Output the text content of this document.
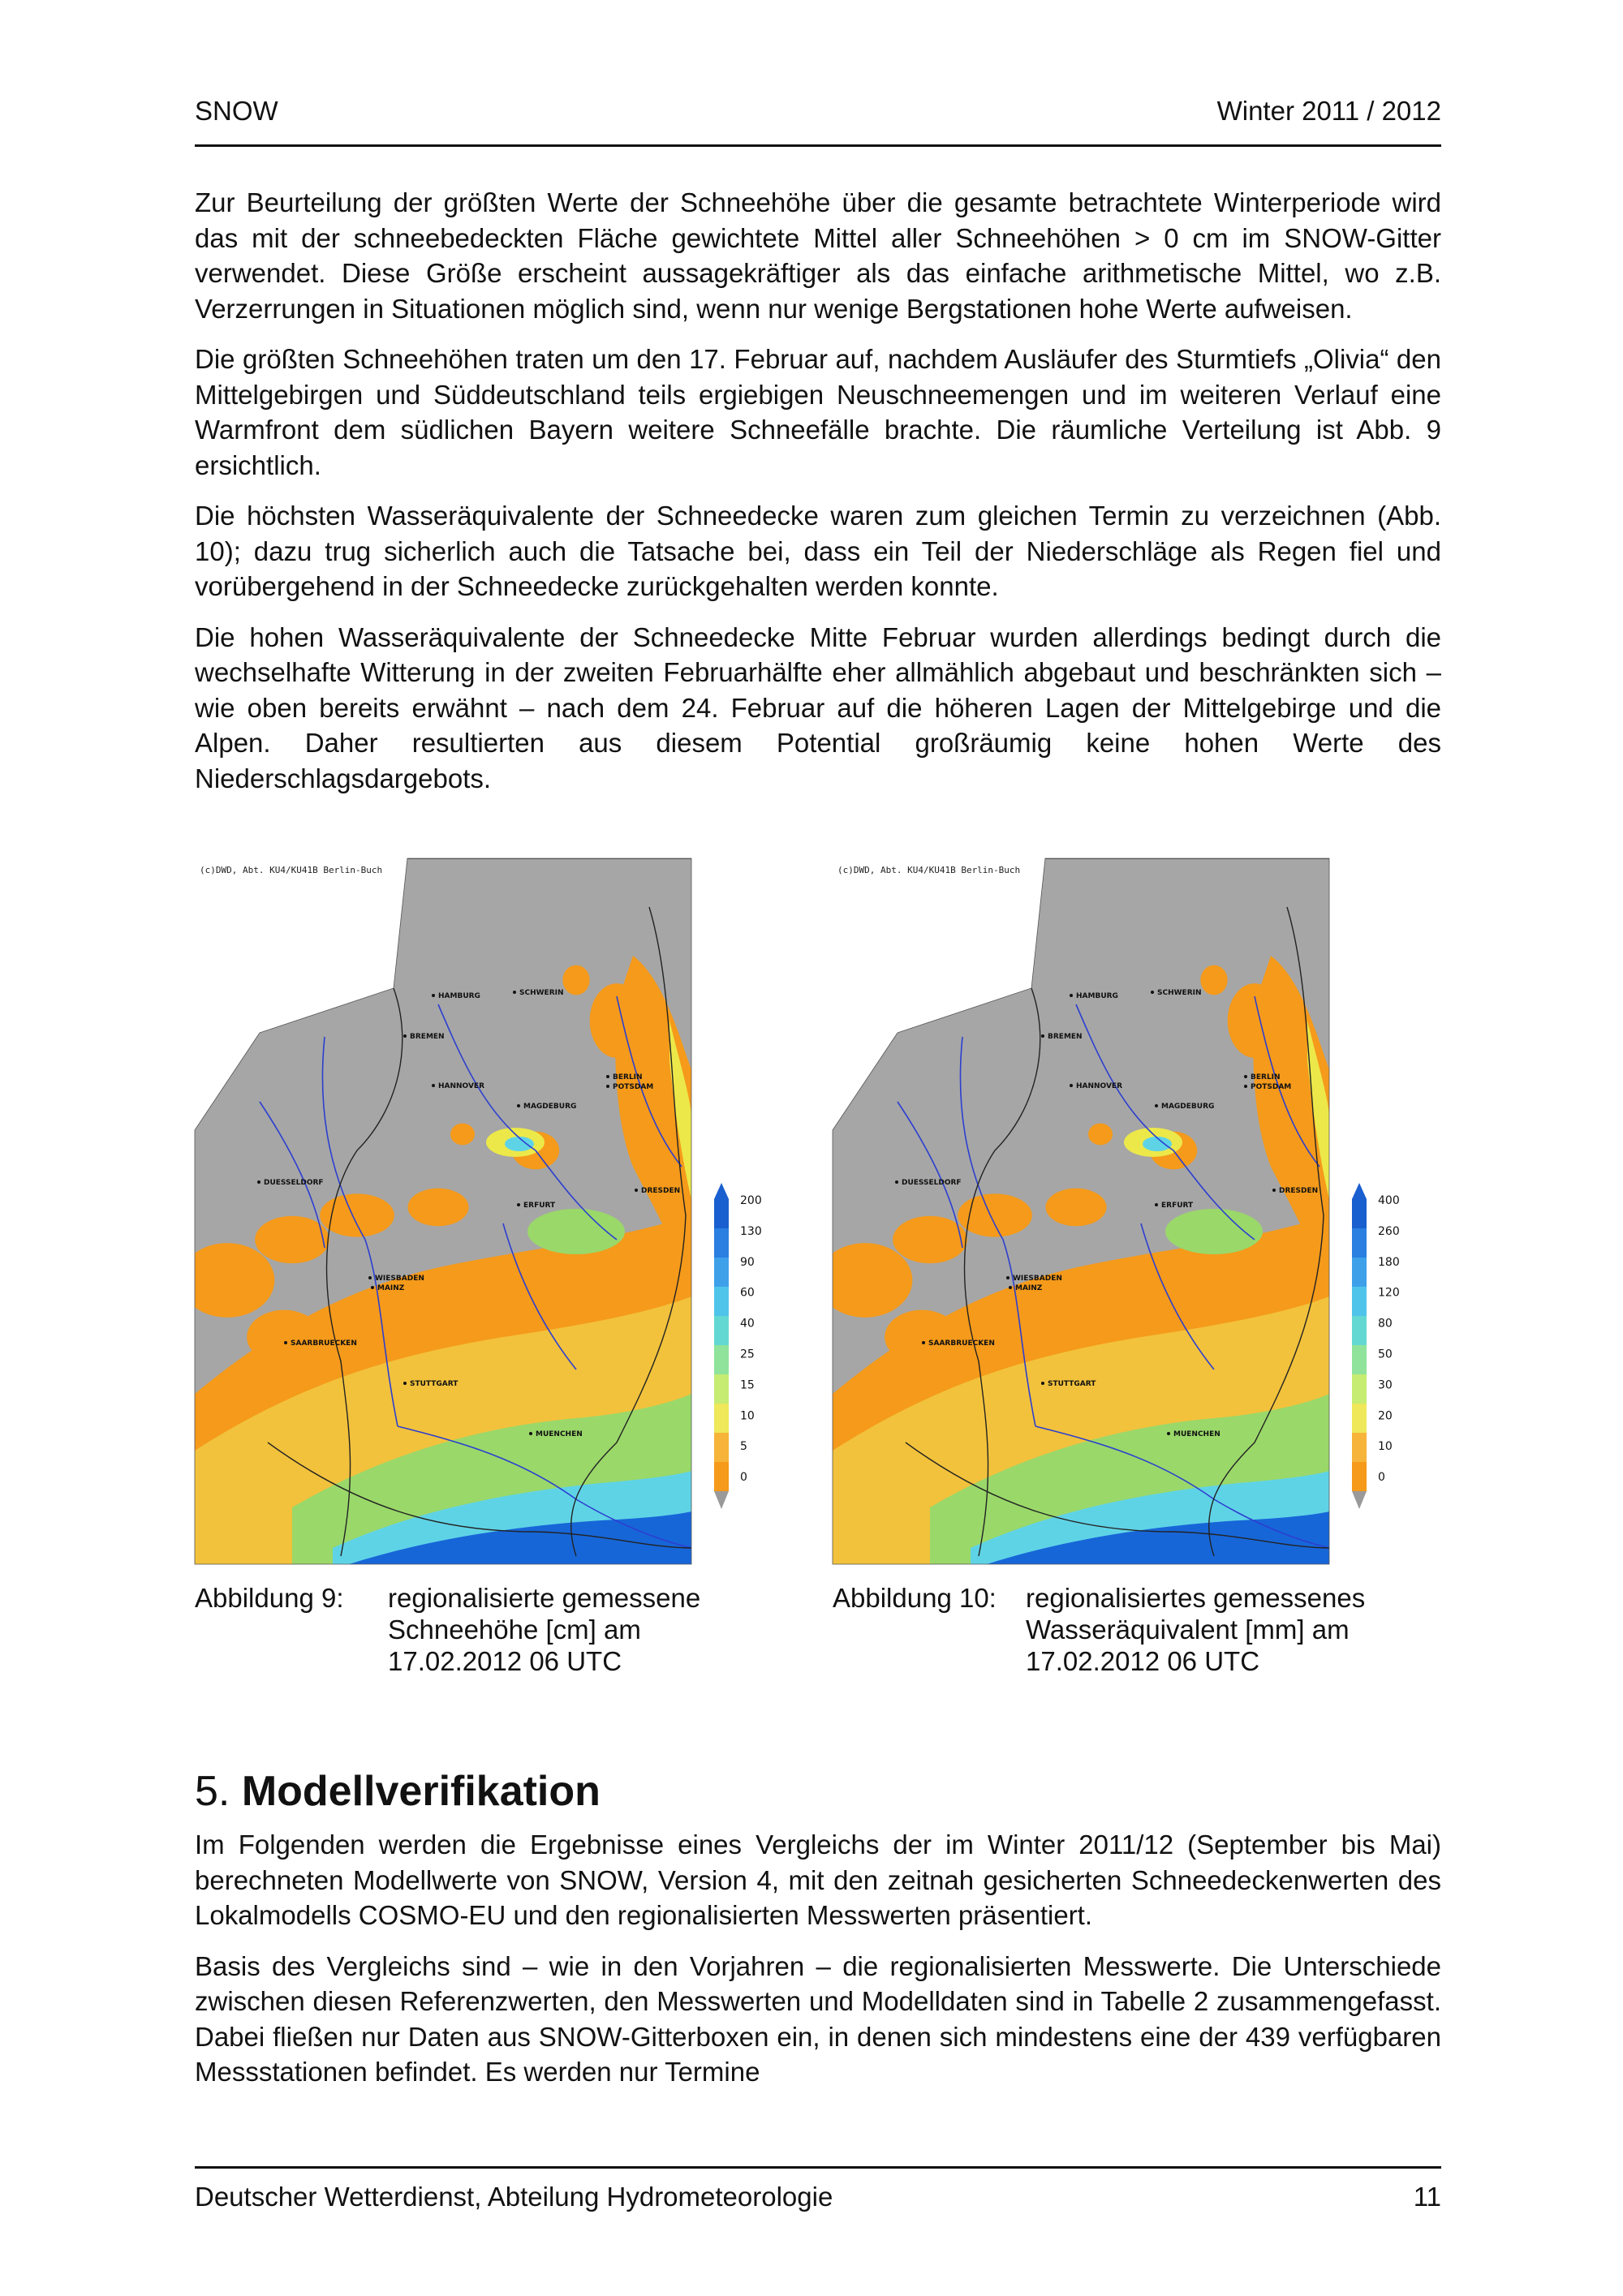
SNOW	Winter 2011 / 2012

Zur Beurteilung der größten Werte der Schneehöhe über die gesamte betrachtete Winterperiode wird das mit der schneebedeckten Fläche gewichtete Mittel aller Schneehöhen > 0 cm im SNOW-Gitter verwendet. Diese Größe erscheint aussagekräftiger als das einfache arithmetische Mittel, wo z.B. Verzerrungen in Situationen möglich sind, wenn nur wenige Bergstationen hohe Werte aufweisen.

Die größten Schneehöhen traten um den 17. Februar auf, nachdem Ausläufer des Sturmtiefs „Olivia“ den Mittelgebirgen und Süddeutschland teils ergiebigen Neuschneemengen und im weiteren Verlauf eine Warmfront dem südlichen Bayern weitere Schneefälle brachte. Die räumliche Verteilung ist Abb. 9 ersichtlich.

Die höchsten Wasseräquivalente der Schneedecke waren zum gleichen Termin zu verzeichnen (Abb. 10); dazu trug sicherlich auch die Tatsache bei, dass ein Teil der Niederschläge als Regen fiel und vorübergehend in der Schneedecke zurückgehalten werden konnte.

Die hohen Wasseräquivalente der Schneedecke Mitte Februar wurden allerdings bedingt durch die wechselhafte Witterung in der zweiten Februarhälfte eher allmählich abgebaut und beschränkten sich – wie oben bereits erwähnt – nach dem 24. Februar auf die höheren Lagen der Mittelgebirge und die Alpen. Daher resultierten aus diesem Potential großräumig keine hohen Werte des Niederschlagsdargebots.

(c)DWD, Abt. KU4/KU41B Berlin-Buch
HAMBURG	SCHWERIN
BREMEN
HANNOVER
BERLIN
POTSDAM
MAGDEBURG
DUESSELDORF
ERFURT
DRESDEN
WIESBADEN
MAINZ
SAARBRUECKEN
STUTTGART
MUENCHEN
200
130
90
60
40
25
15
10
5
0
(c)DWD, Abt. KU4/KU41B Berlin-Buch
HAMBURG	SCHWERIN
BREMEN
HANNOVER
BERLIN
POTSDAM
MAGDEBURG
DUESSELDORF
ERFURT
DRESDEN
WIESBADEN
MAINZ
SAARBRUECKEN
STUTTGART
MUENCHEN
400
260
180
120
80
50
30
20
10
0
Abbildung 9: regionalisierte gemessene
Schneehöhe [cm] am
17.02.2012 06 UTC
Abbildung 10: regionalisiertes gemessenes
Wasseräquivalent [mm] am
17.02.2012 06 UTC
5. Modellverifikation

Im Folgenden werden die Ergebnisse eines Vergleichs der im Winter 2011/12 (September bis Mai) berechneten Modellwerte von SNOW, Version 4, mit den zeitnah gesicherten Schneedeckenwerten des Lokalmodells COSMO-EU und den regionalisierten Messwerten präsentiert.

Basis des Vergleichs sind – wie in den Vorjahren – die regionalisierten Messwerte. Die Unterschiede zwischen diesen Referenzwerten, den Messwerten und Modelldaten sind in Tabelle 2 zusammengefasst. Dabei fließen nur Daten aus SNOW-Gitterboxen ein, in denen sich mindestens eine der 439 verfügbaren Messstationen befindet. Es werden nur Termine

Deutscher Wetterdienst, Abteilung Hydrometeorologie	11
